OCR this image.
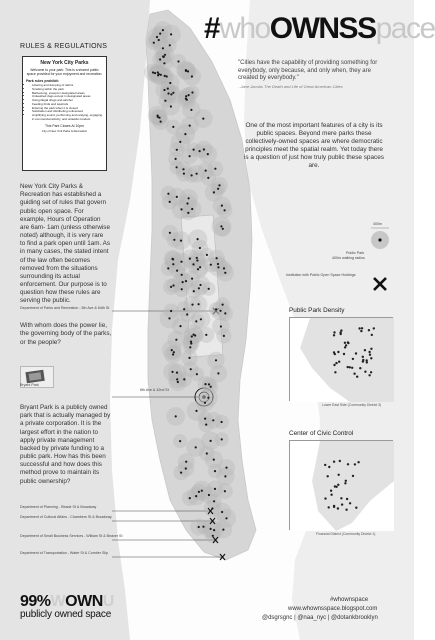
#whoOWNSSpace
"Cities have the capability of providing something for everybody, only because, and only when, they are created by everybody."
- Jane Jacobs The Death and Life of Great American Cities
One of the most important features of a city is its public spaces. Beyond mere parks these collectively-owned spaces are where democratic principles meet the spatial realm. Yet today there is a question of just how truly public these spaces are.
RULES & REGULATIONS
New York City Parks
Welcome to your park. This is a shared public space provided for your enjoyment and recreation.
Park rules prohibit:
• Littering and dumping of debris
• Smoking within the park
• Barbecuing, except in designated areas
• Unleashed dogs except in designated areas
• Using illegal drugs and alcohol
• Feeding birds and squirrels
• Entering the park when it is closed
• Solicitation and distributing unlicensed
• Amplifying sound, performing and relaying, engaging in commercial activity, and unlawful conduct.
This Park Closes At 10pm
City of New York Parks & Recreation
New York City Parks & Recreation has established a guiding set of rules that govern public open space. For example, Hours of Operation are 6am- 1am (unless otherwise noted) although, it is very rare to find a park open until 1am. As in many cases, the stated intent of the law often becomes removed from the situations surrounding its actual enforcement. Our purpose is to question how these rules are serving the public.
Department of Parks and Recreation - 5th Ave & 64th St
With whom does the power lie, the governing body of the parks, or the people?
Bryant Park
6th Ave & 42nd St
Bryant Park is a publicly owned park that is actually managed by a private corporation. It is the largest effort in the nation to apply private management backed by private funding to a public park. How has this been successful and how does this method prove to maintain its public ownership?
Department of Planning - Reade St & Broadway
Department of Cultural Affairs - Chambers St & Broadway
Department of Small Business Services - William St & Beaver St
Department of Transportation - Water St & Corntier Slip
400m
Public Park
400m walking radius
Institution with Public Open Space Holdings
Public Park Density
Lower East Side (Community District 3)
Center of Civic Control
Financial District (Community District 1)
99%WOWNU
publicly owned space
#whownspace
www.whownsspace.blogspot.com
@dsgrsgnc | @naa_nyc | @dotankbrooklyn
